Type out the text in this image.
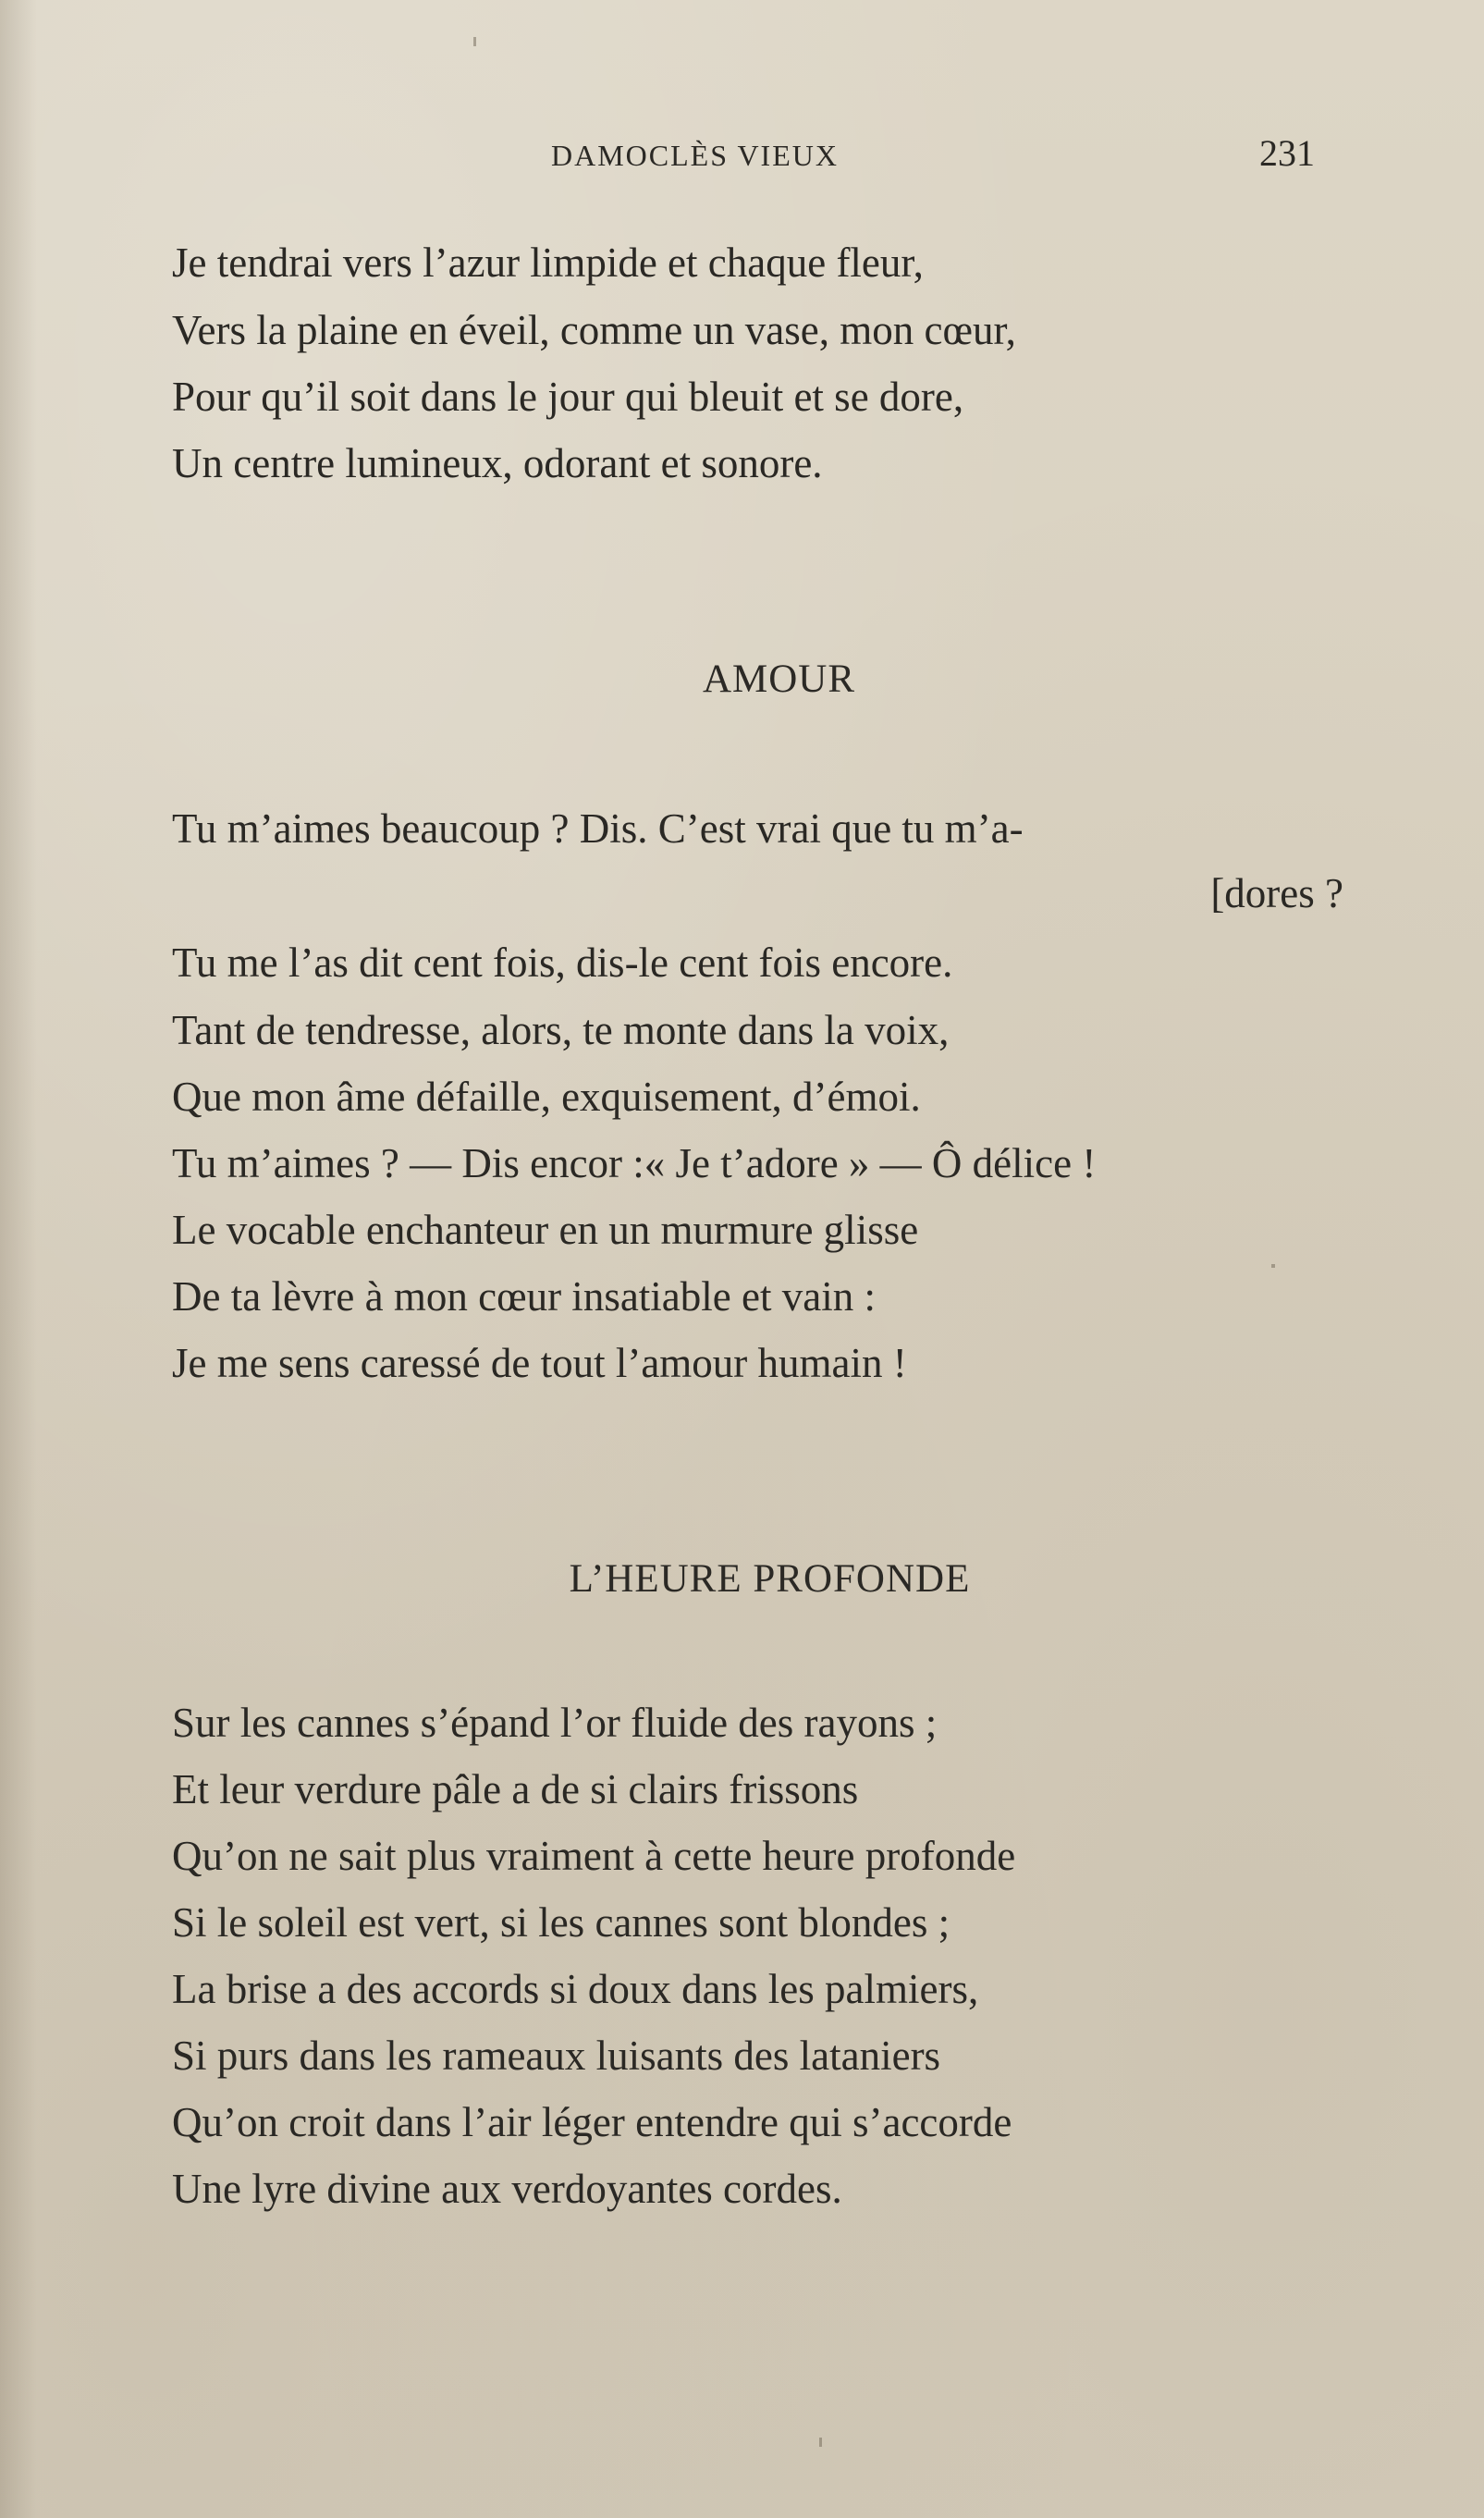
DAMOCLÈS VIEUX	231

Je tendrai vers l’azur limpide et chaque fleur,

Vers la plaine en éveil, comme un vase, mon cœur,

Pour qu’il soit dans le jour qui bleuit et se dore,

Un centre lumineux, odorant et sonore.

AMOUR

Tu m’aimes beaucoup ? Dis. C’est vrai que tu m’a-

[dores ?

Tu me l’as dit cent fois, dis-le cent fois encore.

Tant de tendresse, alors, te monte dans la voix,

Que mon âme défaille, exquisement, d’émoi.

Tu m’aimes ? — Dis encor :« Je t’adore » — Ô délice !

Le vocable enchanteur en un murmure glisse

De ta lèvre à mon cœur insatiable et vain :

Je me sens caressé de tout l’amour humain !

L’HEURE PROFONDE

Sur les cannes s’épand l’or fluide des rayons ;

Et leur verdure pâle a de si clairs frissons

Qu’on ne sait plus vraiment à cette heure profonde

Si le soleil est vert, si les cannes sont blondes ;

La brise a des accords si doux dans les palmiers,

Si purs dans les rameaux luisants des lataniers

Qu’on croit dans l’air léger entendre qui s’accorde

Une lyre divine aux verdoyantes cordes.
